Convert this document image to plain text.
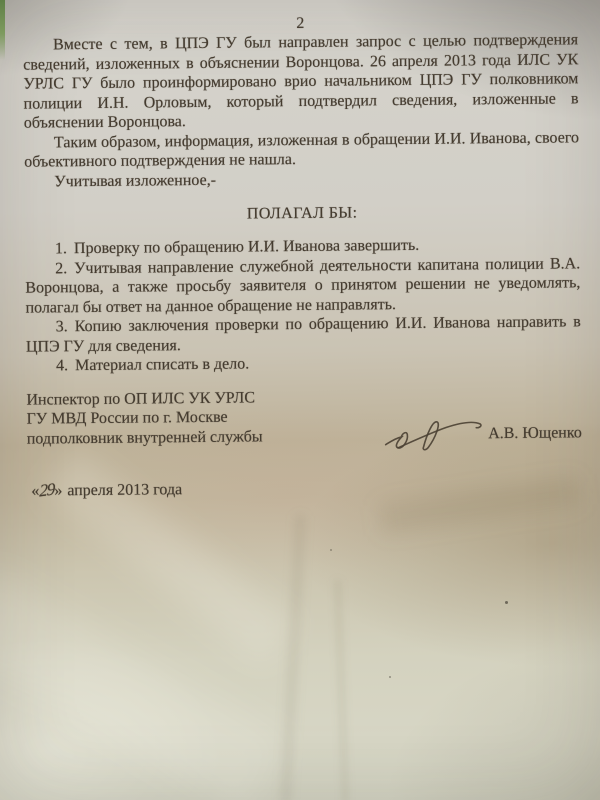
2

Вместе с тем, в ЦПЭ ГУ был направлен запрос с целью подтверждения сведений, изложенных в объяснении Воронцова. 26 апреля 2013 года ИЛС УК УРЛС ГУ было проинформировано врио начальником ЦПЭ ГУ полковником полиции И.Н. Орловым, который подтвердил сведения, изложенные в объяснении Воронцова.

Таким образом, информация, изложенная в обращении И.И. Иванова, своего объективного подтверждения не нашла.

Учитывая изложенное,-

ПОЛАГАЛ БЫ:

1. Проверку по обращению И.И. Иванова завершить.

2. Учитывая направление служебной деятельности капитана полиции В.А. Воронцова, а также просьбу заявителя о принятом решении не уведомлять, полагал бы ответ на данное обращение не направлять.

3. Копию заключения проверки по обращению И.И. Иванова направить в ЦПЭ ГУ для сведения.

4. Материал списать в дело.

Инспектор по ОП ИЛС УК УРЛС

ГУ МВД России по г. Москве

подполковник внутренней службы	А.В. Ющенко

«29» апреля 2013 года
